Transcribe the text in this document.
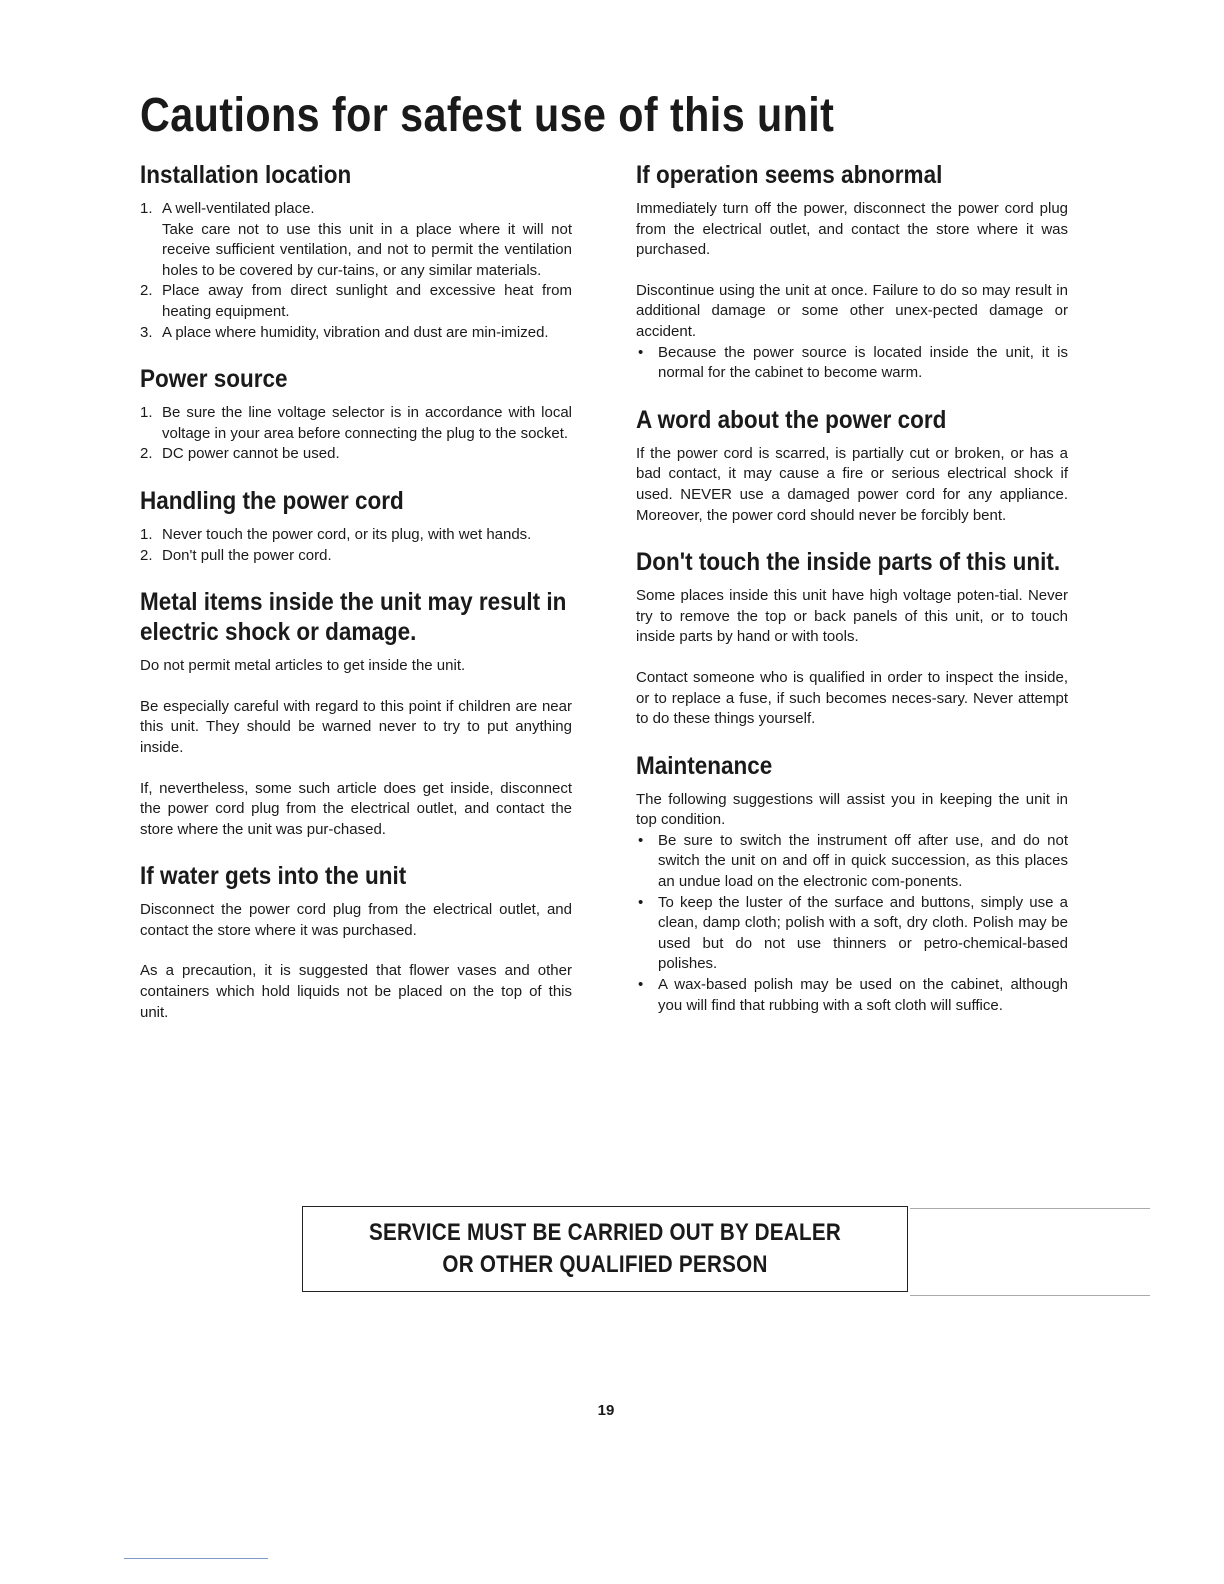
Cautions for safest use of this unit
Installation location
1. A well-ventilated place.
Take care not to use this unit in a place where it will not receive sufficient ventilation, and not to permit the ventilation holes to be covered by cur-tains, or any similar materials.
2. Place away from direct sunlight and excessive heat from heating equipment.
3. A place where humidity, vibration and dust are min-imized.
Power source
1. Be sure the line voltage selector is in accordance with local voltage in your area before connecting the plug to the socket.
2. DC power cannot be used.
Handling the power cord
1. Never touch the power cord, or its plug, with wet hands.
2. Don't pull the power cord.
Metal items inside the unit may result in electric shock or damage.

Do not permit metal articles to get inside the unit.

Be especially careful with regard to this point if children are near this unit. They should be warned never to try to put anything inside.

If, nevertheless, some such article does get inside, disconnect the power cord plug from the electrical outlet, and contact the store where the unit was pur-chased.

If water gets into the unit

Disconnect the power cord plug from the electrical outlet, and contact the store where it was purchased.

As a precaution, it is suggested that flower vases and other containers which hold liquids not be placed on the top of this unit.

If operation seems abnormal

Immediately turn off the power, disconnect the power cord plug from the electrical outlet, and contact the store where it was purchased.

Discontinue using the unit at once. Failure to do so may result in additional damage or some other unex-pected damage or accident.

• Because the power source is located inside the unit, it is normal for the cabinet to become warm.
A word about the power cord

If the power cord is scarred, is partially cut or broken, or has a bad contact, it may cause a fire or serious electrical shock if used. NEVER use a damaged power cord for any appliance. Moreover, the power cord should never be forcibly bent.

Don't touch the inside parts of this unit.

Some places inside this unit have high voltage poten-tial. Never try to remove the top or back panels of this unit, or to touch inside parts by hand or with tools.

Contact someone who is qualified in order to inspect the inside, or to replace a fuse, if such becomes neces-sary. Never attempt to do these things yourself.

Maintenance

The following suggestions will assist you in keeping the unit in top condition.

• Be sure to switch the instrument off after use, and do not switch the unit on and off in quick succession, as this places an undue load on the electronic com-ponents.
• To keep the luster of the surface and buttons, simply use a clean, damp cloth; polish with a soft, dry cloth. Polish may be used but do not use thinners or petro-chemical-based polishes.
• A wax-based polish may be used on the cabinet, although you will find that rubbing with a soft cloth will suffice.
SERVICE MUST BE CARRIED OUT BY DEALER
OR OTHER QUALIFIED PERSON
19
